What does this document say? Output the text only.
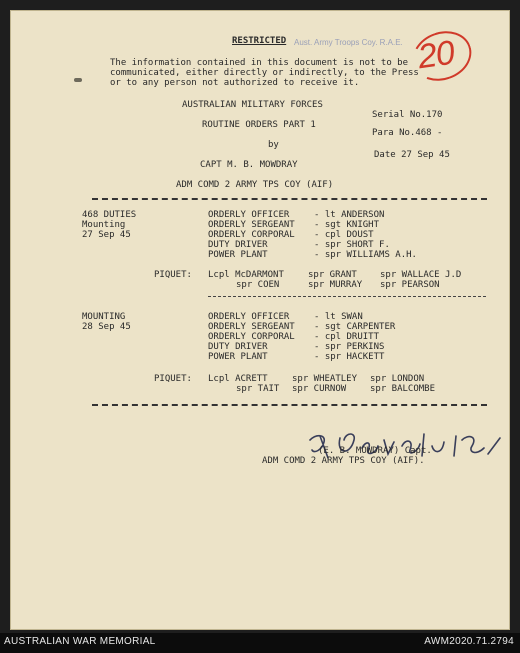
RESTRICTED Aust. Army Troops Coy. R.A.E. 20
The information contained in this document is not to be
communicated, either directly or indirectly, to the Press
or to any person not authorized to receive it.
AUSTRALIAN MILITARY FORCES
Serial No.170
ROUTINE ORDERS PART 1
Para No.468 -
by
Date 27 Sep 45
CAPT M. B. MOWDRAY
ADM COMD 2 ARMY TPS COY (AIF)
468 DUTIES
Mounting
27 Sep 45
ORDERLY OFFICER	- lt ANDERSON
ORDERLY SERGEANT - sgt KNIGHT
ORDERLY CORPORAL - cpl DOUST
DUTY DRIVER	- spr SHORT F.
POWER PLANT	- spr WILLIAMS A.H.
PIQUET: Lcpl McDARMONT	spr GRANT	spr WALLACE J.D
spr COEN	spr MURRAY spr PEARSON
MOUNTING
28 Sep 45
ORDERLY OFFICER	- lt SWAN
ORDERLY SERGEANT - sgt CARPENTER
ORDERLY CORPORAL - cpl DRUITT
DUTY DRIVER	- spr PERKINS
POWER PLANT	- spr HACKETT
PIQUET: Lcpl ACRETT	spr WHEATLEY spr LONDON
spr TAIT spr CURNOW	spr BALCOMBE
(E. B. MOWDRAY) Capt.
ADM COMD 2 ARMY TPS COY (AIF).
AUSTRALIAN WAR MEMORIAL	AWM2020.71.2794
